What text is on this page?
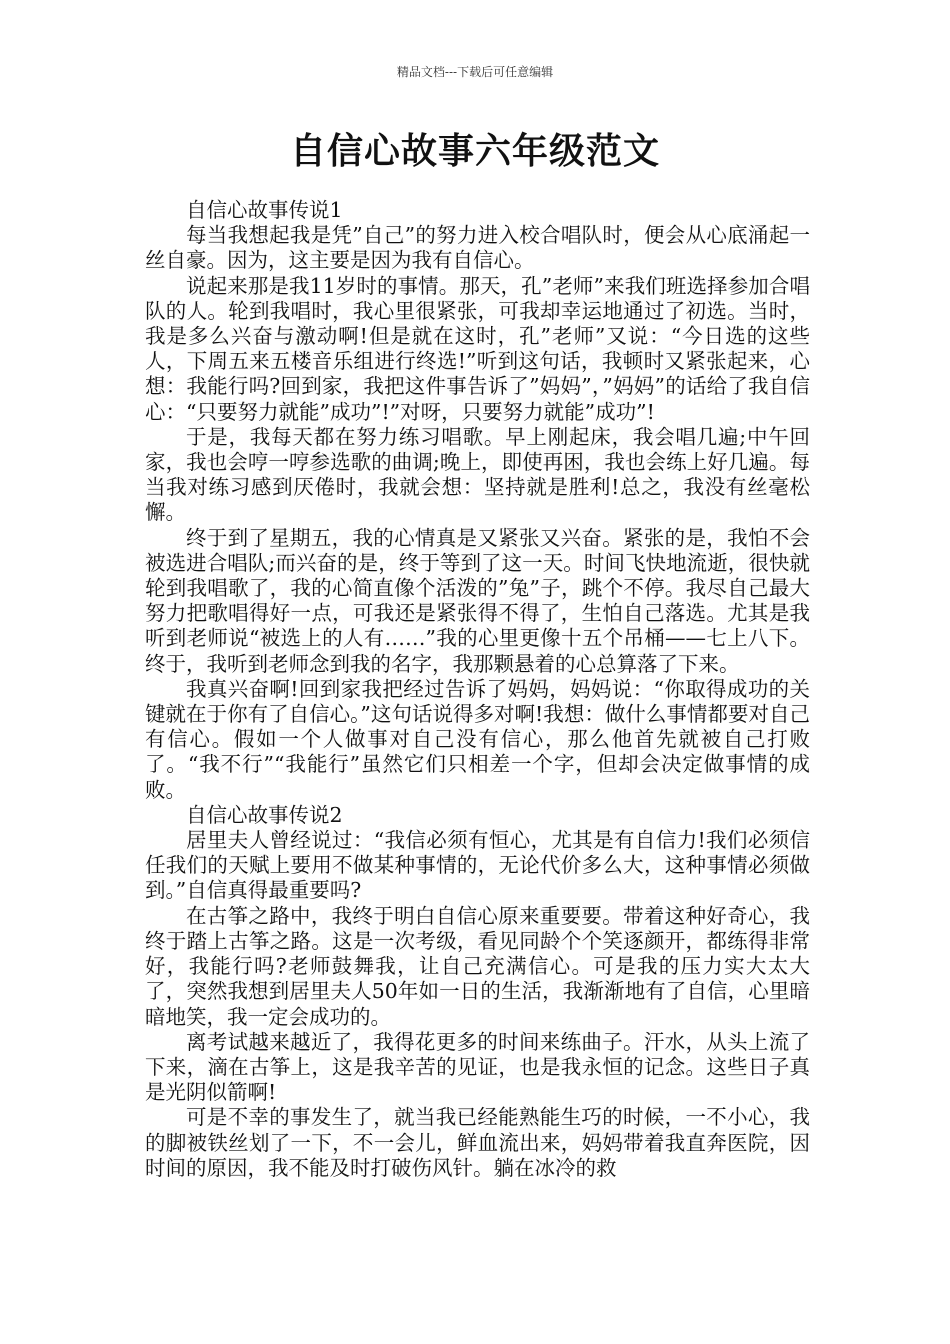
精品文档---下载后可任意编辑
自信心故事六年级范文

自信心故事传说1

每当我想起我是凭”自己”的努力进入校合唱队时，便会从心底涌起一丝自豪。因为，这主要是因为我有自信心。

说起来那是我11岁时的事情。那天，孔”老师”来我们班选择参加合唱队的人。轮到我唱时，我心里很紧张，可我却幸运地通过了初选。当时，我是多么兴奋与激动啊!但是就在这时，孔”老师”又说：“今日选的这些人，下周五来五楼音乐组进行终选!”听到这句话，我顿时又紧张起来，心想：我能行吗?回到家，我把这件事告诉了”妈妈”，”妈妈”的话给了我自信心：“只要努力就能”成功”!”对呀，只要努力就能”成功”!

于是，我每天都在努力练习唱歌。早上刚起床，我会唱几遍;中午回家，我也会哼一哼参选歌的曲调;晚上，即使再困，我也会练上好几遍。每当我对练习感到厌倦时，我就会想：坚持就是胜利!总之，我没有丝毫松懈。

终于到了星期五，我的心情真是又紧张又兴奋。紧张的是，我怕不会被选进合唱队;而兴奋的是，终于等到了这一天。时间飞快地流逝，很快就轮到我唱歌了，我的心简直像个活泼的”兔”子，跳个不停。我尽自己最大努力把歌唱得好一点，可我还是紧张得不得了，生怕自己落选。尤其是我听到老师说“被选上的人有……”我的心里更像十五个吊桶——七上八下。终于，我听到老师念到我的名字，我那颗悬着的心总算落了下来。

我真兴奋啊!回到家我把经过告诉了妈妈，妈妈说：“你取得成功的关键就在于你有了自信心。”这句话说得多对啊!我想：做什么事情都要对自己有信心。假如一个人做事对自己没有信心，那么他首先就被自己打败了。“我不行”“我能行”虽然它们只相差一个字，但却会决定做事情的成败。

自信心故事传说2

居里夫人曾经说过：“我信必须有恒心，尤其是有自信力!我们必须信任我们的天赋上要用不做某种事情的，无论代价多么大，这种事情必须做到。”自信真得最重要吗?

在古筝之路中，我终于明白自信心原来重要要。带着这种好奇心，我终于踏上古筝之路。这是一次考级，看见同龄个个笑逐颜开，都练得非常好，我能行吗?老师鼓舞我，让自己充满信心。可是我的压力实大太大了，突然我想到居里夫人50年如一日的生活，我渐渐地有了自信，心里暗暗地笑，我一定会成功的。

离考试越来越近了，我得花更多的时间来练曲子。汗水，从头上流了下来，滴在古筝上，这是我辛苦的见证，也是我永恒的记念。这些日子真是光阴似箭啊!

可是不幸的事发生了，就当我已经能熟能生巧的时候，一不小心，我的脚被铁丝划了一下，不一会儿，鲜血流出来，妈妈带着我直奔医院，因时间的原因，我不能及时打破伤风针。躺在冰冷的救
